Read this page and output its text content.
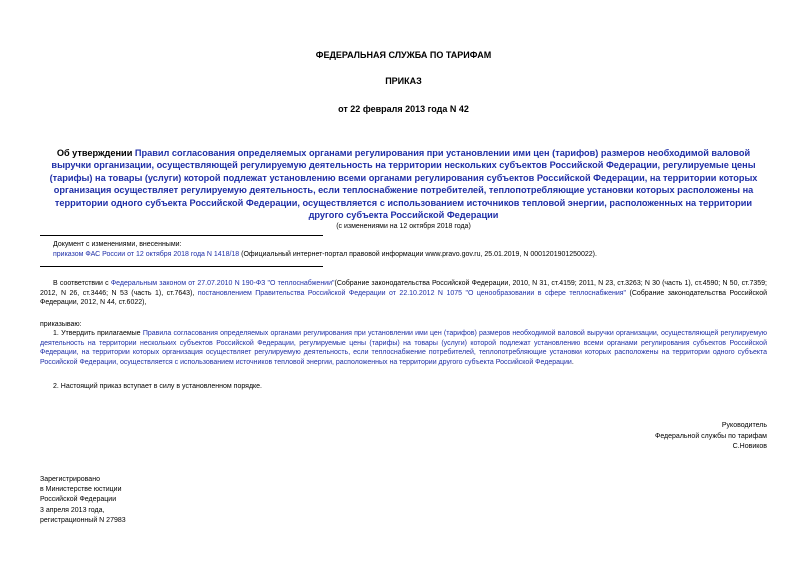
ФЕДЕРАЛЬНАЯ СЛУЖБА ПО ТАРИФАМ
ПРИКАЗ
от 22 февраля 2013 года N 42
Об утверждении Правил согласования определяемых органами регулирования при установлении ими цен (тарифов) размеров необходимой валовой выручки организации, осуществляющей регулируемую деятельность на территории нескольких субъектов Российской Федерации, регулируемые цены (тарифы) на товары (услуги) которой подлежат установлению всеми органами регулирования субъектов Российской Федерации, на территории которых организация осуществляет регулируемую деятельность, если теплоснабжение потребителей, теплопотребляющие установки которых расположены на территории одного субъекта Российской Федерации, осуществляется с использованием источников тепловой энергии, расположенных на территории другого субъекта Российской Федерации
(с изменениями на 12 октября 2018 года)
Документ с изменениями, внесенными:
приказом ФАС России от 12 октября 2018 года N 1418/18 (Официальный интернет-портал правовой информации www.pravo.gov.ru, 25.01.2019, N 0001201901250022).
В соответствии с Федеральным законом от 27.07.2010 N 190-ФЗ "О теплоснабжении"(Собрание законодательства Российской Федерации, 2010, N 31, ст.4159; 2011, N 23, ст.3263; N 30 (часть 1), ст.4590; N 50, ст.7359; 2012, N 26, ст.3446; N 53 (часть 1), ст.7643), постановлением Правительства Российской Федерации от 22.10.2012 N 1075 "О ценообразовании в сфере теплоснабжения" (Собрание законодательства Российской Федерации, 2012, N 44, ст.6022),
приказываю:
1. Утвердить прилагаемые Правила согласования определяемых органами регулирования при установлении ими цен (тарифов) размеров необходимой валовой выручки организации, осуществляющей регулируемую деятельность на территории нескольких субъектов Российской Федерации, регулируемые цены (тарифы) на товары (услуги) которой подлежат установлению всеми органами регулирования субъектов Российской Федерации, на территории которых организация осуществляет регулируемую деятельность, если теплоснабжение потребителей, теплопотребляющие установки которых расположены на территории одного субъекта Российской Федерации, осуществляется с использованием источников тепловой энергии, расположенных на территории другого субъекта Российской Федерации.
2. Настоящий приказ вступает в силу в установленном порядке.
Руководитель
Федеральной службы по тарифам
С.Новиков
Зарегистрировано
в Министерстве юстиции
Российской Федерации
3 апреля 2013 года,
регистрационный N 27983
